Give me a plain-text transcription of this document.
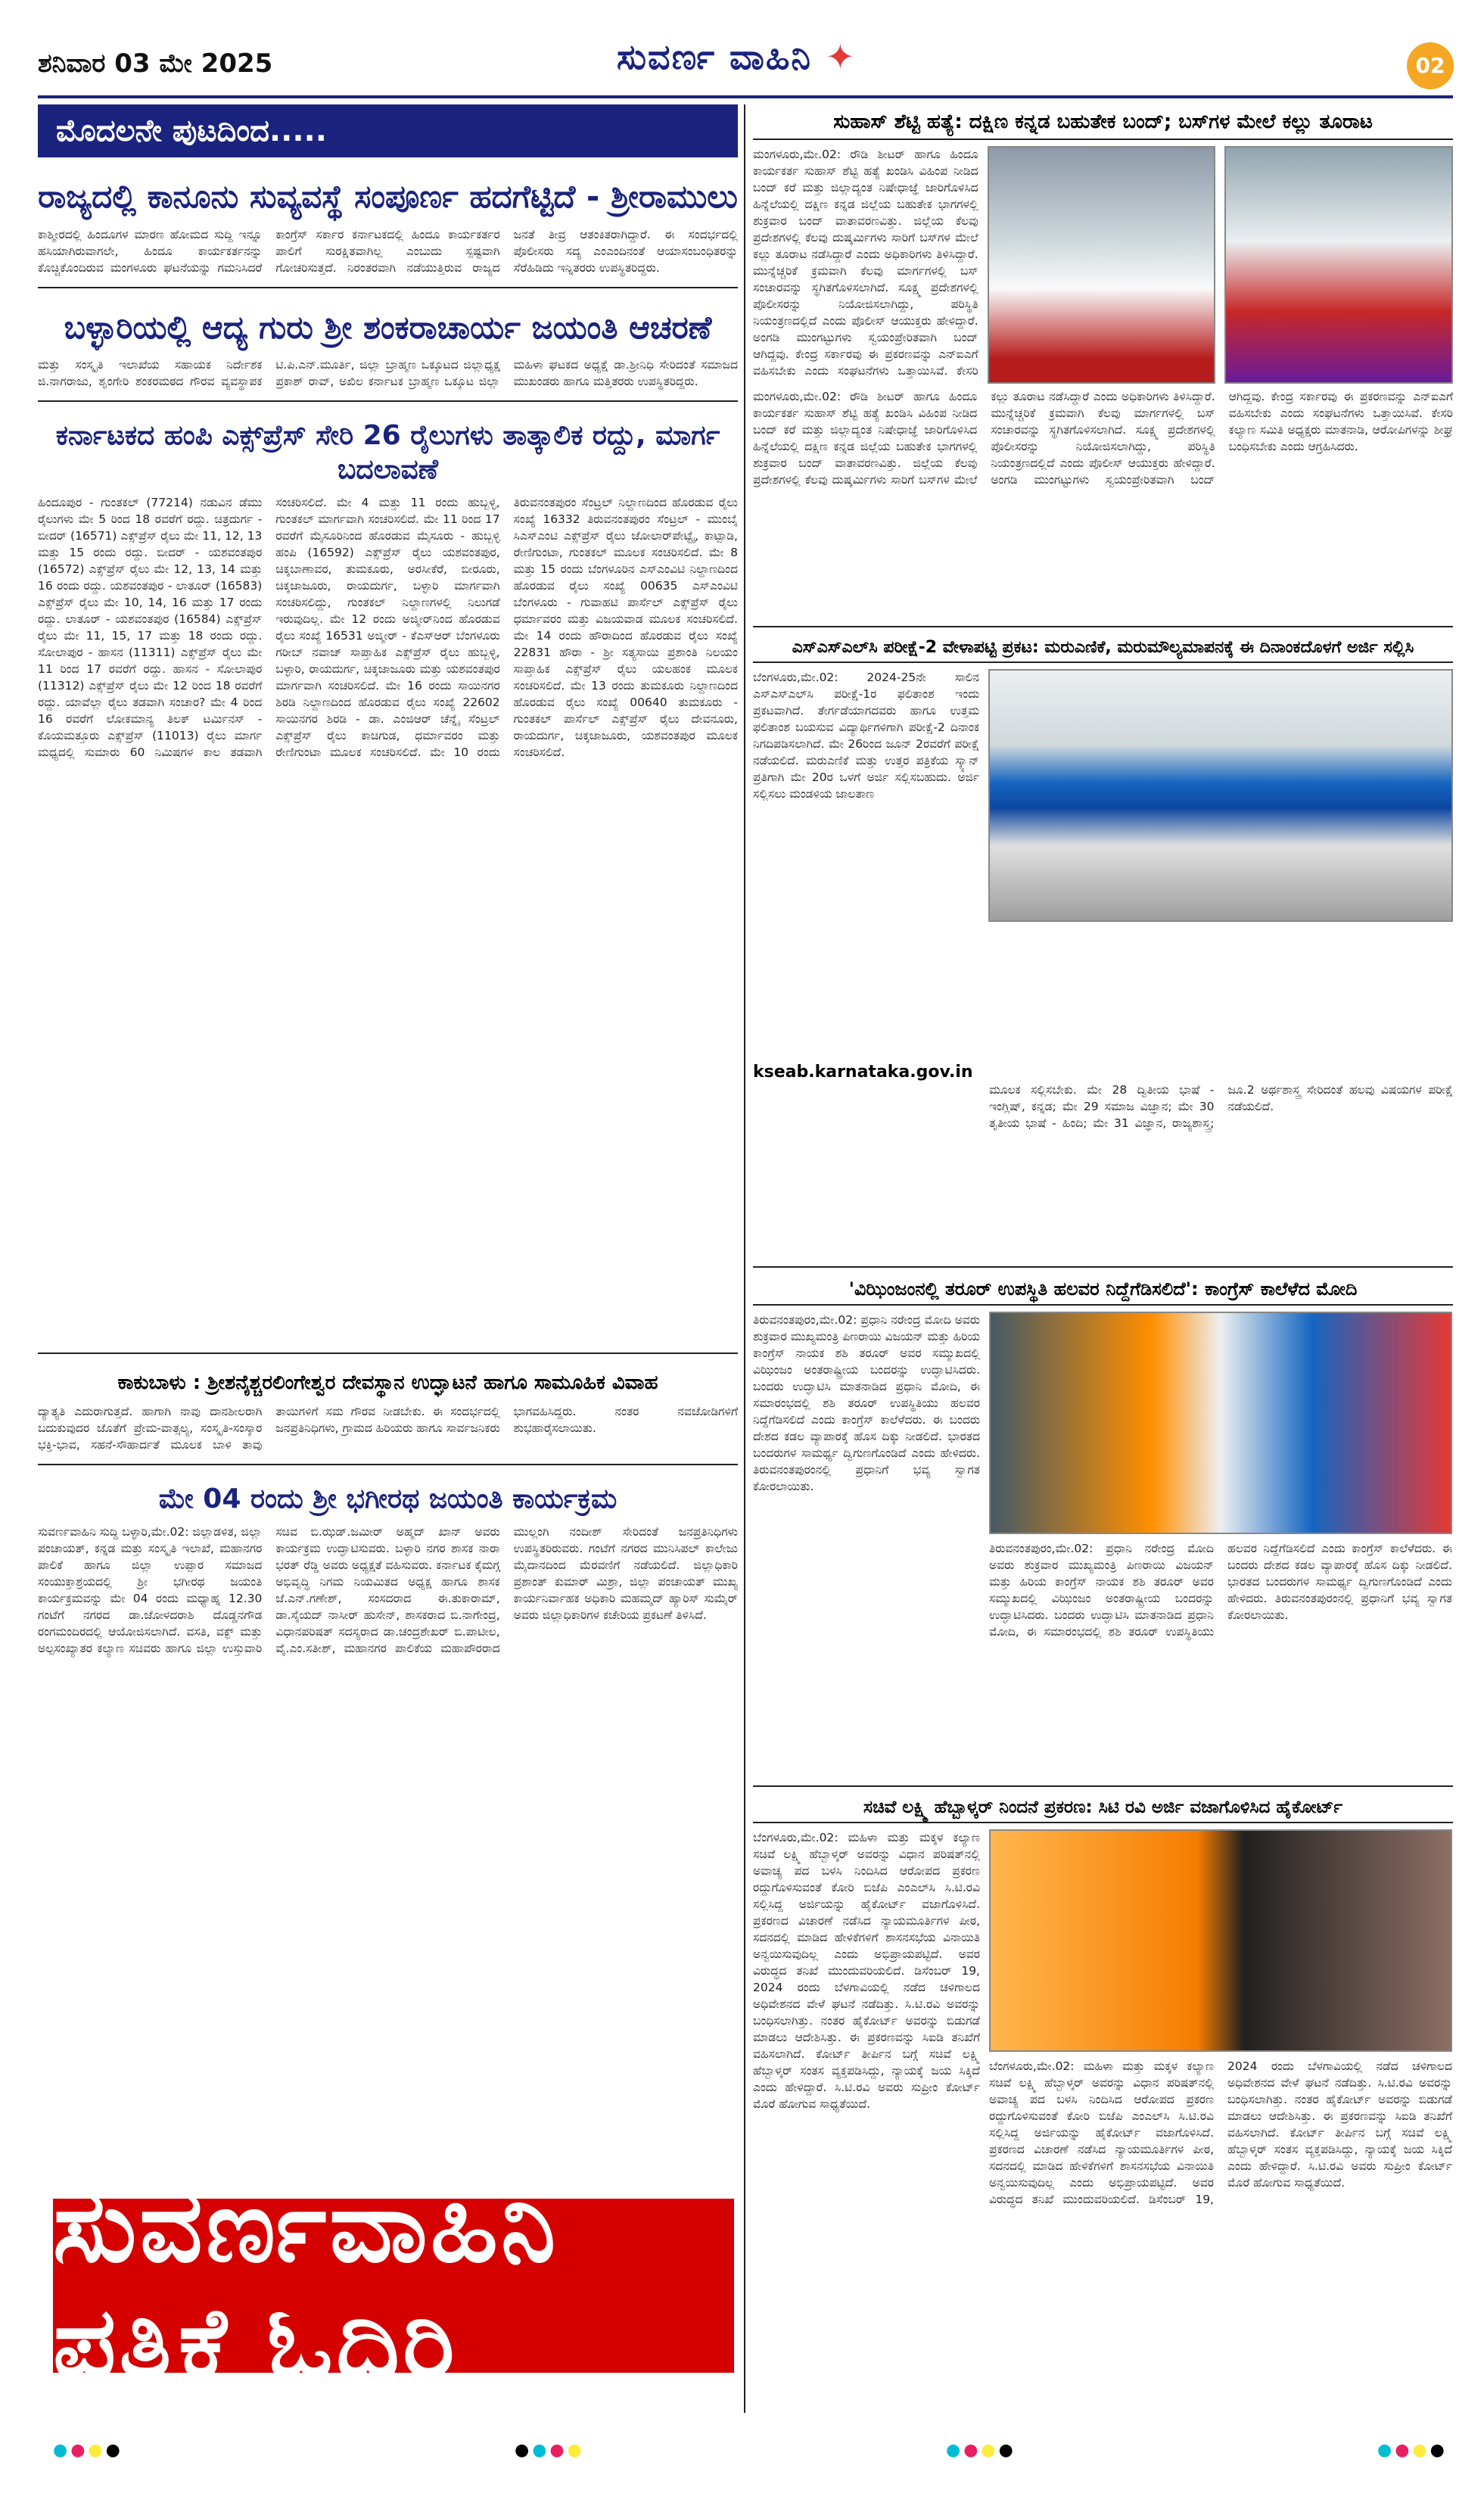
ಶನಿವಾರ 03 ಮೇ 2025	ಸುವರ್ಣ ವಾಹಿನಿ ✦	02
ಮೊದಲನೇ ಪುಟದಿಂದ.....
ರಾಜ್ಯದಲ್ಲಿ ಕಾನೂನು ಸುವ್ಯವಸ್ಥೆ ಸಂಪೂರ್ಣ ಹದಗೆಟ್ಟಿದೆ - ಶ್ರೀರಾಮುಲು
ಕಾಶ್ಮೀರದಲ್ಲಿ ಹಿಂದೂಗಳ ಮಾರಣ ಹೋಮದ ಸುದ್ದಿ ಇನ್ನೂ ಹಸಿಯಾಗಿರುವಾಗಲೇ, ಹಿಂದೂ ಕಾರ್ಯಕರ್ತನನ್ನು ಕೊಚ್ಚಿಕೊಂದಿರುವ ಮಂಗಳೂರು ಘಟನೆಯನ್ನು ಗಮನಿಸಿದರೆ ಕಾಂಗ್ರೆಸ್ ಸರ್ಕಾರ ಕರ್ನಾಟಕದಲ್ಲಿ ಹಿಂದೂ ಕಾರ್ಯಕರ್ತರ ಪಾಲಿಗೆ ಸುರಕ್ಷಿತವಾಗಿಲ್ಲ ಎಂಬುದು ಸ್ಪಷ್ಟವಾಗಿ ಗೋಚರಿಸುತ್ತದೆ. ನಿರಂತರವಾಗಿ ನಡೆಯುತ್ತಿರುವ ರಾಜ್ಯದ ಜನತೆ ತೀವ್ರ ಆತಂಕಿತರಾಗಿದ್ದಾರೆ. ಈ ಸಂದರ್ಭದಲ್ಲಿ ಪೊಲೀಸರು ಸದ್ಯ ಎಂಎಂದಿನಂತೆ ಆಯಾಸಂಬಂಧಿತರನ್ನು ಸೆರೆಹಿಡಿದು ಇನ್ನಿತರರು ಉಪಸ್ಥಿತರಿದ್ದರು.
ಬಳ್ಳಾರಿಯಲ್ಲಿ ಆದ್ಯ ಗುರು ಶ್ರೀ ಶಂಕರಾಚಾರ್ಯ ಜಯಂತಿ ಆಚರಣೆ
ಮತ್ತು ಸಂಸ್ಕೃತಿ ಇಲಾಖೆಯ ಸಹಾಯಕ ನಿರ್ದೇಶಕ ಜಿ.ನಾಗರಾಜು, ಶೃಂಗೇರಿ ಶಂಕರಮಠದ ಗೌರವ ವ್ಯವಸ್ಥಾಪಕ ಟಿ.ಪಿ.ಎನ್.ಮೂರ್ತಿ, ಜಿಲ್ಲಾ ಬ್ರಾಹ್ಮಣ ಒಕ್ಕೂಟದ ಜಿಲ್ಲಾಧ್ಯಕ್ಷ ಪ್ರಕಾಶ್ ರಾವ್, ಅಖಿಲ ಕರ್ನಾಟಕ ಬ್ರಾಹ್ಮಣ ಒಕ್ಕೂಟ ಜಿಲ್ಲಾ ಮಹಿಳಾ ಘಟಕದ ಅಧ್ಯಕ್ಷೆ ಡಾ.ಶ್ರೀನಿಧಿ ಸೇರಿದಂತೆ ಸಮಾಜದ ಮುಖಂಡರು ಹಾಗೂ ಮತ್ತಿತರರು ಉಪಸ್ಥಿತರಿದ್ದರು.
ಕರ್ನಾಟಕದ ಹಂಪಿ ಎಕ್ಸ್‌ಪ್ರೆಸ್ ಸೇರಿ 26 ರೈಲುಗಳು ತಾತ್ಕಾಲಿಕ ರದ್ದು, ಮಾರ್ಗ ಬದಲಾವಣೆ
ಹಿಂದೂಪುರ - ಗುಂತಕಲ್ (77214) ನಡುವಿನ ಡೆಮು ರೈಲುಗಳು ಮೇ 5 ರಿಂದ 18 ರವರೆಗೆ ರದ್ದು. ಚಿತ್ರದುರ್ಗ - ಬೀದರ್ (16571) ಎಕ್ಸ್‌ಪ್ರೆಸ್ ರೈಲು ಮೇ 11, 12, 13 ಮತ್ತು 15 ರಂದು ರದ್ದು. ಬೀದರ್ - ಯಶವಂತಪುರ (16572) ಎಕ್ಸ್‌ಪ್ರೆಸ್ ರೈಲು ಮೇ 12, 13, 14 ಮತ್ತು 16 ರಂದು ರದ್ದು. ಯಶವಂತಪುರ - ಲಾತೂರ್ (16583) ಎಕ್ಸ್‌ಪ್ರೆಸ್ ರೈಲು ಮೇ 10, 14, 16 ಮತ್ತು 17 ರಂದು ರದ್ದು. ಲಾತೂರ್ - ಯಶವಂತಪುರ (16584) ಎಕ್ಸ್‌ಪ್ರೆಸ್ ರೈಲು ಮೇ 11, 15, 17 ಮತ್ತು 18 ರಂದು ರದ್ದು. ಸೋಲಾಪುರ - ಹಾಸನ (11311) ಎಕ್ಸ್‌ಪ್ರೆಸ್ ರೈಲು ಮೇ 11 ರಿಂದ 17 ರವರೆಗೆ ರದ್ದು. ಹಾಸನ - ಸೋಲಾಪುರ (11312) ಎಕ್ಸ್‌ಪ್ರೆಸ್ ರೈಲು ಮೇ 12 ರಿಂದ 18 ರವರೆಗೆ ರದ್ದು. ಯಾವೆಲ್ಲಾ ರೈಲು ತಡವಾಗಿ ಸಂಚಾರ? ಮೇ 4 ರಿಂದ 16 ರವರೆಗೆ ಲೋಕಮಾನ್ಯ ತಿಲಕ್ ಟರ್ಮಿನಸ್ - ಕೊಯಮತ್ತೂರು ಎಕ್ಸ್‌ಪ್ರೆಸ್ (11013) ರೈಲು ಮಾರ್ಗ ಮಧ್ಯದಲ್ಲಿ ಸುಮಾರು 60 ನಿಮಿಷಗಳ ಕಾಲ ತಡವಾಗಿ ಸಂಚರಿಸಲಿದೆ. ಮೇ 4 ಮತ್ತು 11 ರಂದು ಹುಬ್ಬಳ್ಳಿ, ಗುಂತಕಲ್ ಮಾರ್ಗವಾಗಿ ಸಂಚರಿಸಲಿದೆ. ಮೇ 11 ರಿಂದ 17 ರವರೆಗೆ ಮೈಸೂರಿನಿಂದ ಹೊರಡುವ ಮೈಸೂರು - ಹುಬ್ಬಳ್ಳಿ ಹಂಪಿ (16592) ಎಕ್ಸ್‌ಪ್ರೆಸ್ ರೈಲು ಯಶವಂತಪುರ, ಚಿಕ್ಕಬಾಣಾವರ, ತುಮಕೂರು, ಅರಸೀಕೆರೆ, ಬೀರೂರು, ಚಿಕ್ಕಜಾಜೂರು, ರಾಯದುರ್ಗ, ಬಳ್ಳಾರಿ ಮಾರ್ಗವಾಗಿ ಸಂಚರಿಸಲಿದ್ದು, ಗುಂತಕಲ್ ನಿಲ್ದಾಣಗಳಲ್ಲಿ ನಿಲುಗಡೆ ಇರುವುದಿಲ್ಲ. ಮೇ 12 ರಂದು ಅಜ್ಮೀರ್‌ನಿಂದ ಹೊರಡುವ ರೈಲು ಸಂಖ್ಯೆ 16531 ಅಜ್ಮೀರ್ - ಕೆಎಸ್‌ಆರ್ ಬೆಂಗಳೂರು ಗರೀಬ್ ನವಾಜ್ ಸಾಪ್ತಾಹಿಕ ಎಕ್ಸ್‌ಪ್ರೆಸ್ ರೈಲು ಹುಬ್ಬಳ್ಳಿ, ಬಳ್ಳಾರಿ, ರಾಯದುರ್ಗ, ಚಿಕ್ಕಜಾಜೂರು ಮತ್ತು ಯಶವಂತಪುರ ಮಾರ್ಗವಾಗಿ ಸಂಚರಿಸಲಿದೆ. ಮೇ 16 ರಂದು ಸಾಯಿನಗರ ಶಿರಡಿ ನಿಲ್ದಾಣದಿಂದ ಹೊರಡುವ ರೈಲು ಸಂಖ್ಯೆ 22602 ಸಾಯಿನಗರ ಶಿರಡಿ - ಡಾ. ಎಂಜಿಆರ್ ಚೆನ್ನೈ ಸೆಂಟ್ರಲ್ ಎಕ್ಸ್‌ಪ್ರೆಸ್ ರೈಲು ಕಾಚಿಗುಡ, ಧರ್ಮಾವರಂ ಮತ್ತು ರೇಣಿಗುಂಟಾ ಮೂಲಕ ಸಂಚರಿಸಲಿದೆ. ಮೇ 10 ರಂದು ತಿರುವನಂತಪುರಂ ಸೆಂಟ್ರಲ್ ನಿಲ್ದಾಣದಿಂದ ಹೊರಡುವ ರೈಲು ಸಂಖ್ಯೆ 16332 ತಿರುವನಂತಪುರಂ ಸೆಂಟ್ರಲ್ - ಮುಂಬೈ ಸಿಎಸ್‌ಎಂಟಿ ಎಕ್ಸ್‌ಪ್ರೆಸ್ ರೈಲು ಜೋಲಾರ್‌ಪೇಟ್ಟೈ, ಕಾಟ್ಪಾಡಿ, ರೇಣಿಗುಂಟಾ, ಗುಂತಕಲ್ ಮೂಲಕ ಸಂಚರಿಸಲಿದೆ. ಮೇ 8 ಮತ್ತು 15 ರಂದು ಬೆಂಗಳೂರಿನ ಎಸ್ಎಂವಿಟಿ ನಿಲ್ದಾಣದಿಂದ ಹೊರಡುವ ರೈಲು ಸಂಖ್ಯೆ 00635 ಎಸ್ಎಂವಿಟಿ ಬೆಂಗಳೂರು - ಗುವಾಹಟಿ ಪಾರ್ಸೆಲ್ ಎಕ್ಸ್‌ಪ್ರೆಸ್ ರೈಲು ಧರ್ಮಾವರಂ ಮತ್ತು ವಿಜಯವಾಡ ಮೂಲಕ ಸಂಚರಿಸಲಿದೆ. ಮೇ 14 ರಂದು ಹೌರಾದಿಂದ ಹೊರಡುವ ರೈಲು ಸಂಖ್ಯೆ 22831 ಹೌರಾ - ಶ್ರೀ ಸತ್ಯಸಾಯಿ ಪ್ರಶಾಂತಿ ನಿಲಯಂ ಸಾಪ್ತಾಹಿಕ ಎಕ್ಸ್‌ಪ್ರೆಸ್ ರೈಲು ಯಲಹಂಕ ಮೂಲಕ ಸಂಚರಿಸಲಿದೆ. ಮೇ 13 ರಂದು ತುಮಕೂರು ನಿಲ್ದಾಣದಿಂದ ಹೊರಡುವ ರೈಲು ಸಂಖ್ಯೆ 00640 ತುಮಕೂರು - ಗುಂತಕಲ್ ಪಾರ್ಸೆಲ್ ಎಕ್ಸ್‌ಪ್ರೆಸ್ ರೈಲು ದೇವನೂರು, ರಾಯದುರ್ಗ, ಚಿಕ್ಕಜಾಜೂರು, ಯಶವಂತಪುರ ಮೂಲಕ ಸಂಚರಿಸಲಿದೆ.
ಕಾಕುಬಾಳು : ಶ್ರೀಶನೈಶ್ಚರಲಿಂಗೇಶ್ವರ ದೇವಸ್ಥಾನ ಉದ್ಘಾಟನೆ ಹಾಗೂ ಸಾಮೂಹಿಕ ವಿವಾಹ
ದ್ಯಾತ್ಯತಿ ಎದುರಾಗುತ್ತದೆ. ಹಾಗಾಗಿ ನಾವು ದಾನಶೀಲರಾಗಿ ಬದುಕುವುದರ ಜೊತೆಗೆ ಪ್ರೇಮ-ವಾತ್ಸಲ್ಯ, ಸಂಸ್ಕೃತಿ-ಸಂಸ್ಕಾರ ಭಕ್ತಿ-ಭಾವ, ಸಹನೆ-ಸೌಹಾರ್ದತೆ ಮೂಲಕ ಬಾಳಿ ತಾವು ತಾಯಿಗಳಿಗೆ ಸಮ ಗೌರವ ನೀಡಬೇಕು. ಈ ಸಂದರ್ಭದಲ್ಲಿ ಜನಪ್ರತಿನಿಧಿಗಳು, ಗ್ರಾಮದ ಹಿರಿಯರು ಹಾಗೂ ಸಾರ್ವಜನಿಕರು ಭಾಗವಹಿಸಿದ್ದರು. ನಂತರ ನವಜೋಡಿಗಳಿಗೆ ಶುಭಹಾರೈಸಲಾಯಿತು.
ಮೇ 04 ರಂದು ಶ್ರೀ ಭಗೀರಥ ಜಯಂತಿ ಕಾರ್ಯಕ್ರಮ
ಸುವರ್ಣವಾಹಿನಿ ಸುದ್ದಿ ಬಳ್ಳಾರಿ,ಮೇ.02: ಜಿಲ್ಲಾಡಳಿತ, ಜಿಲ್ಲಾ ಪಂಚಾಯತ್, ಕನ್ನಡ ಮತ್ತು ಸಂಸ್ಕೃತಿ ಇಲಾಖೆ, ಮಹಾನಗರ ಪಾಲಿಕೆ ಹಾಗೂ ಜಿಲ್ಲಾ ಉಪ್ಪಾರ ಸಮಾಜದ ಸಂಯುಕ್ತಾಶ್ರಯದಲ್ಲಿ ಶ್ರೀ ಭಗೀರಥ ಜಯಂತಿ ಕಾರ್ಯಕ್ರಮವನ್ನು ಮೇ 04 ರಂದು ಮಧ್ಯಾಹ್ನ 12.30 ಗಂಟೆಗೆ ನಗರದ ಡಾ.ಜೋಳದರಾಶಿ ದೊಡ್ಡನಗೌಡ ರಂಗಮಂದಿರದಲ್ಲಿ ಆಯೋಜಿಸಲಾಗಿದೆ. ವಸತಿ, ವಕ್ಫ್ ಮತ್ತು ಅಲ್ಪಸಂಖ್ಯಾತರ ಕಲ್ಯಾಣ ಸಚಿವರು ಹಾಗೂ ಜಿಲ್ಲಾ ಉಸ್ತುವಾರಿ ಸಚಿವ ಬಿ.ಝಡ್.ಜಮೀರ್ ಅಹ್ಮದ್ ಖಾನ್ ಅವರು ಕಾರ್ಯಕ್ರಮ ಉದ್ಘಾಟಿಸುವರು. ಬಳ್ಳಾರಿ ನಗರ ಶಾಸಕ ನಾರಾ ಭರತ್ ರೆಡ್ಡಿ ಅವರು ಅಧ್ಯಕ್ಷತೆ ವಹಿಸುವರು. ಕರ್ನಾಟಕ ಕೈಮಗ್ಗ ಅಭಿವೃದ್ಧಿ ನಿಗಮ ನಿಯಮಿತದ ಅಧ್ಯಕ್ಷ ಹಾಗೂ ಶಾಸಕ ಜೆ.ಎನ್.ಗಣೇಶ್, ಸಂಸದರಾದ ಈ.ತುಕಾರಾಮ್, ಡಾ.ಸೈಯದ್ ನಾಸೀರ್ ಹುಸೇನ್, ಶಾಸಕರಾದ ಬಿ.ನಾಗೇಂದ್ರ, ವಿಧಾನಪರಿಷತ್ ಸದಸ್ಯರಾದ ಡಾ.ಚಂದ್ರಶೇಖರ್ ಬಿ.ಪಾಟೀಲ, ವೈ.ಎಂ.ಸತೀಶ್, ಮಹಾನಗರ ಪಾಲಿಕೆಯ ಮಹಾಪೌರರಾದ ಮುಲ್ಲಂಗಿ ನಂದೀಶ್ ಸೇರಿದಂತೆ ಜನಪ್ರತಿನಿಧಿಗಳು ಉಪಸ್ಥಿತರಿರುವರು. ಗಂಟೆಗೆ ನಗರದ ಮುನಿಸಿಪಲ್ ಕಾಲೇಜು ಮೈದಾನದಿಂದ ಮೆರವಣಿಗೆ ನಡೆಯಲಿದೆ. ಜಿಲ್ಲಾಧಿಕಾರಿ ಪ್ರಶಾಂತ್ ಕುಮಾರ್ ಮಿಶ್ರಾ, ಜಿಲ್ಲಾ ಪಂಚಾಯತ್ ಮುಖ್ಯ ಕಾರ್ಯನಿರ್ವಾಹಕ ಅಧಿಕಾರಿ ಮಹಮ್ಮದ್ ಹ್ಯಾರಿಸ್ ಸುಮೈರ್ ಅವರು ಜಿಲ್ಲಾಧಿಕಾರಿಗಳ ಕಚೇರಿಯ ಪ್ರಕಟಣೆ ತಿಳಿಸಿದೆ.
ಸುವರ್ಣವಾಹಿನಿ ಪತ್ರಿಕೆ ಓದಿರಿ
ಸುಹಾಸ್ ಶೆಟ್ಟಿ ಹತ್ಯೆ: ದಕ್ಷಿಣ ಕನ್ನಡ ಬಹುತೇಕ ಬಂದ್; ಬಸ್‌ಗಳ ಮೇಲೆ ಕಲ್ಲು ತೂರಾಟ
ಮಂಗಳೂರು,ಮೇ.02: ರೌಡಿ ಶೀಟರ್ ಹಾಗೂ ಹಿಂದೂ ಕಾರ್ಯಕರ್ತ ಸುಹಾಸ್ ಶೆಟ್ಟಿ ಹತ್ಯೆ ಖಂಡಿಸಿ ವಿಹಿಂಪ ನೀಡಿದ ಬಂದ್ ಕರೆ ಮತ್ತು ಜಿಲ್ಲಾದ್ಯಂತ ನಿಷೇಧಾಜ್ಞೆ ಜಾರಿಗೊಳಿಸಿದ ಹಿನ್ನೆಲೆಯಲ್ಲಿ ದಕ್ಷಿಣ ಕನ್ನಡ ಜಿಲ್ಲೆಯ ಬಹುತೇಕ ಭಾಗಗಳಲ್ಲಿ ಶುಕ್ರವಾರ ಬಂದ್ ವಾತಾವರಣವಿತ್ತು. ಜಿಲ್ಲೆಯ ಕೆಲವು ಪ್ರದೇಶಗಳಲ್ಲಿ ಕೆಲವು ದುಷ್ಕರ್ಮಿಗಳು ಸಾರಿಗೆ ಬಸ್‌ಗಳ ಮೇಲೆ ಕಲ್ಲು ತೂರಾಟ ನಡೆಸಿದ್ದಾರೆ ಎಂದು ಅಧಿಕಾರಿಗಳು ತಿಳಿಸಿದ್ದಾರೆ. ಮುನ್ನೆಚ್ಚರಿಕೆ ಕ್ರಮವಾಗಿ ಕೆಲವು ಮಾರ್ಗಗಳಲ್ಲಿ ಬಸ್ ಸಂಚಾರವನ್ನು ಸ್ಥಗಿತಗೊಳಿಸಲಾಗಿದೆ. ಸೂಕ್ಷ್ಮ ಪ್ರದೇಶಗಳಲ್ಲಿ ಪೊಲೀಸರನ್ನು ನಿಯೋಜಿಸಲಾಗಿದ್ದು, ಪರಿಸ್ಥಿತಿ ನಿಯಂತ್ರಣದಲ್ಲಿದೆ ಎಂದು ಪೊಲೀಸ್ ಆಯುಕ್ತರು ಹೇಳಿದ್ದಾರೆ. ಅಂಗಡಿ ಮುಂಗಟ್ಟುಗಳು ಸ್ವಯಂಪ್ರೇರಿತವಾಗಿ ಬಂದ್ ಆಗಿದ್ದವು. ಕೇಂದ್ರ ಸರ್ಕಾರವು ಈ ಪ್ರಕರಣವನ್ನು ಎನ್‌ಐಎಗೆ ವಹಿಸಬೇಕು ಎಂದು ಸಂಘಟನೆಗಳು ಒತ್ತಾಯಿಸಿವೆ. ಕೇಸರಿ
ಮಂಗಳೂರು,ಮೇ.02: ರೌಡಿ ಶೀಟರ್ ಹಾಗೂ ಹಿಂದೂ ಕಾರ್ಯಕರ್ತ ಸುಹಾಸ್ ಶೆಟ್ಟಿ ಹತ್ಯೆ ಖಂಡಿಸಿ ವಿಹಿಂಪ ನೀಡಿದ ಬಂದ್ ಕರೆ ಮತ್ತು ಜಿಲ್ಲಾದ್ಯಂತ ನಿಷೇಧಾಜ್ಞೆ ಜಾರಿಗೊಳಿಸಿದ ಹಿನ್ನೆಲೆಯಲ್ಲಿ ದಕ್ಷಿಣ ಕನ್ನಡ ಜಿಲ್ಲೆಯ ಬಹುತೇಕ ಭಾಗಗಳಲ್ಲಿ ಶುಕ್ರವಾರ ಬಂದ್ ವಾತಾವರಣವಿತ್ತು. ಜಿಲ್ಲೆಯ ಕೆಲವು ಪ್ರದೇಶಗಳಲ್ಲಿ ಕೆಲವು ದುಷ್ಕರ್ಮಿಗಳು ಸಾರಿಗೆ ಬಸ್‌ಗಳ ಮೇಲೆ ಕಲ್ಲು ತೂರಾಟ ನಡೆಸಿದ್ದಾರೆ ಎಂದು ಅಧಿಕಾರಿಗಳು ತಿಳಿಸಿದ್ದಾರೆ. ಮುನ್ನೆಚ್ಚರಿಕೆ ಕ್ರಮವಾಗಿ ಕೆಲವು ಮಾರ್ಗಗಳಲ್ಲಿ ಬಸ್ ಸಂಚಾರವನ್ನು ಸ್ಥಗಿತಗೊಳಿಸಲಾಗಿದೆ. ಸೂಕ್ಷ್ಮ ಪ್ರದೇಶಗಳಲ್ಲಿ ಪೊಲೀಸರನ್ನು ನಿಯೋಜಿಸಲಾಗಿದ್ದು, ಪರಿಸ್ಥಿತಿ ನಿಯಂತ್ರಣದಲ್ಲಿದೆ ಎಂದು ಪೊಲೀಸ್ ಆಯುಕ್ತರು ಹೇಳಿದ್ದಾರೆ. ಅಂಗಡಿ ಮುಂಗಟ್ಟುಗಳು ಸ್ವಯಂಪ್ರೇರಿತವಾಗಿ ಬಂದ್ ಆಗಿದ್ದವು. ಕೇಂದ್ರ ಸರ್ಕಾರವು ಈ ಪ್ರಕರಣವನ್ನು ಎನ್‌ಐಎಗೆ ವಹಿಸಬೇಕು ಎಂದು ಸಂಘಟನೆಗಳು ಒತ್ತಾಯಿಸಿವೆ. ಕೇಸರಿ ಕಲ್ಯಾಣ ಸಮಿತಿ ಅಧ್ಯಕ್ಷರು ಮಾತನಾಡಿ, ಆರೋಪಿಗಳನ್ನು ಶೀಘ್ರ ಬಂಧಿಸಬೇಕು ಎಂದು ಆಗ್ರಹಿಸಿದರು.
ಎಸ್ಎಸ್ಎಲ್‌ಸಿ ಪರೀಕ್ಷೆ-2 ವೇಳಾಪಟ್ಟಿ ಪ್ರಕಟ: ಮರುಎಣಿಕೆ, ಮರುಮೌಲ್ಯಮಾಪನಕ್ಕೆ ಈ ದಿನಾಂಕದೊಳಗೆ ಅರ್ಜಿ ಸಲ್ಲಿಸಿ
ಬೆಂಗಳೂರು,ಮೇ.02: 2024-25ನೇ ಸಾಲಿನ ಎಸ್ಎಸ್ಎಲ್‌ಸಿ ಪರೀಕ್ಷೆ-1ರ ಫಲಿತಾಂಶ ಇಂದು ಪ್ರಕಟವಾಗಿದೆ. ತೇರ್ಗಡೆಯಾಗದವರು ಹಾಗೂ ಉತ್ತಮ ಫಲಿತಾಂಶ ಬಯಸುವ ವಿದ್ಯಾರ್ಥಿಗಳಿಗಾಗಿ ಪರೀಕ್ಷೆ-2 ದಿನಾಂಕ ನಿಗದಿಪಡಿಸಲಾಗಿದೆ. ಮೇ 26ರಿಂದ ಜೂನ್ 2ರವರೆಗೆ ಪರೀಕ್ಷೆ ನಡೆಯಲಿದೆ. ಮರುಎಣಿಕೆ ಮತ್ತು ಉತ್ತರ ಪತ್ರಿಕೆಯ ಸ್ಕ್ಯಾನ್ ಪ್ರತಿಗಾಗಿ ಮೇ 20ರ ಒಳಗೆ ಅರ್ಜಿ ಸಲ್ಲಿಸಬಹುದು. ಅರ್ಜಿ ಸಲ್ಲಿಸಲು ಮಂಡಳಿಯ ಜಾಲತಾಣ
kseab.karnataka.gov.in
ಮೂಲಕ ಸಲ್ಲಿಸಬೇಕು. ಮೇ 28 ದ್ವಿತೀಯ ಭಾಷೆ - ಇಂಗ್ಲಿಷ್, ಕನ್ನಡ; ಮೇ 29 ಸಮಾಜ ವಿಜ್ಞಾನ; ಮೇ 30 ತೃತೀಯ ಭಾಷೆ - ಹಿಂದಿ; ಮೇ 31 ವಿಜ್ಞಾನ, ರಾಜ್ಯಶಾಸ್ತ್ರ; ಜೂ.2 ಅರ್ಥಶಾಸ್ತ್ರ ಸೇರಿದಂತೆ ಹಲವು ವಿಷಯಗಳ ಪರೀಕ್ಷೆ ನಡೆಯಲಿದೆ.
'ವಿಝಿಂಜಂನಲ್ಲಿ ತರೂರ್ ಉಪಸ್ಥಿತಿ ಹಲವರ ನಿದ್ದೆಗೆಡಿಸಲಿದೆ': ಕಾಂಗ್ರೆಸ್ ಕಾಲೆಳೆದ ಮೋದಿ
ತಿರುವನಂತಪುರಂ,ಮೇ.02: ಪ್ರಧಾನಿ ನರೇಂದ್ರ ಮೋದಿ ಅವರು ಶುಕ್ರವಾರ ಮುಖ್ಯಮಂತ್ರಿ ಪಿಣರಾಯಿ ವಿಜಯನ್ ಮತ್ತು ಹಿರಿಯ ಕಾಂಗ್ರೆಸ್ ನಾಯಕ ಶಶಿ ತರೂರ್ ಅವರ ಸಮ್ಮುಖದಲ್ಲಿ ವಿಝಿಂಜಂ ಅಂತರಾಷ್ಟ್ರೀಯ ಬಂದರನ್ನು ಉದ್ಘಾಟಿಸಿದರು. ಬಂದರು ಉದ್ಘಾಟಿಸಿ ಮಾತನಾಡಿದ ಪ್ರಧಾನಿ ಮೋದಿ, ಈ ಸಮಾರಂಭದಲ್ಲಿ ಶಶಿ ತರೂರ್ ಉಪಸ್ಥಿತಿಯು ಹಲವರ ನಿದ್ದೆಗೆಡಿಸಲಿದೆ ಎಂದು ಕಾಂಗ್ರೆಸ್ ಕಾಲೆಳೆದರು. ಈ ಬಂದರು ದೇಶದ ಕಡಲ ವ್ಯಾಪಾರಕ್ಕೆ ಹೊಸ ದಿಕ್ಕು ನೀಡಲಿದೆ. ಭಾರತದ ಬಂದರುಗಳ ಸಾಮರ್ಥ್ಯ ದ್ವಿಗುಣಗೊಂಡಿದೆ ಎಂದು ಹೇಳಿದರು. ತಿರುವನಂತಪುರಂನಲ್ಲಿ ಪ್ರಧಾನಿಗೆ ಭವ್ಯ ಸ್ವಾಗತ ಕೋರಲಾಯಿತು.
ತಿರುವನಂತಪುರಂ,ಮೇ.02: ಪ್ರಧಾನಿ ನರೇಂದ್ರ ಮೋದಿ ಅವರು ಶುಕ್ರವಾರ ಮುಖ್ಯಮಂತ್ರಿ ಪಿಣರಾಯಿ ವಿಜಯನ್ ಮತ್ತು ಹಿರಿಯ ಕಾಂಗ್ರೆಸ್ ನಾಯಕ ಶಶಿ ತರೂರ್ ಅವರ ಸಮ್ಮುಖದಲ್ಲಿ ವಿಝಿಂಜಂ ಅಂತರಾಷ್ಟ್ರೀಯ ಬಂದರನ್ನು ಉದ್ಘಾಟಿಸಿದರು. ಬಂದರು ಉದ್ಘಾಟಿಸಿ ಮಾತನಾಡಿದ ಪ್ರಧಾನಿ ಮೋದಿ, ಈ ಸಮಾರಂಭದಲ್ಲಿ ಶಶಿ ತರೂರ್ ಉಪಸ್ಥಿತಿಯು ಹಲವರ ನಿದ್ದೆಗೆಡಿಸಲಿದೆ ಎಂದು ಕಾಂಗ್ರೆಸ್ ಕಾಲೆಳೆದರು. ಈ ಬಂದರು ದೇಶದ ಕಡಲ ವ್ಯಾಪಾರಕ್ಕೆ ಹೊಸ ದಿಕ್ಕು ನೀಡಲಿದೆ. ಭಾರತದ ಬಂದರುಗಳ ಸಾಮರ್ಥ್ಯ ದ್ವಿಗುಣಗೊಂಡಿದೆ ಎಂದು ಹೇಳಿದರು. ತಿರುವನಂತಪುರಂನಲ್ಲಿ ಪ್ರಧಾನಿಗೆ ಭವ್ಯ ಸ್ವಾಗತ ಕೋರಲಾಯಿತು.
ಸಚಿವೆ ಲಕ್ಷ್ಮಿ ಹೆಬ್ಬಾಳ್ಕರ್ ನಿಂದನೆ ಪ್ರಕರಣ: ಸಿಟಿ ರವಿ ಅರ್ಜಿ ವಜಾಗೊಳಿಸಿದ ಹೈಕೋರ್ಟ್
ಬೆಂಗಳೂರು,ಮೇ.02: ಮಹಿಳಾ ಮತ್ತು ಮಕ್ಕಳ ಕಲ್ಯಾಣ ಸಚಿವೆ ಲಕ್ಷ್ಮಿ ಹೆಬ್ಬಾಳ್ಕರ್ ಅವರನ್ನು ವಿಧಾನ ಪರಿಷತ್‌ನಲ್ಲಿ ಅವಾಚ್ಯ ಪದ ಬಳಸಿ ನಿಂದಿಸಿದ ಆರೋಪದ ಪ್ರಕರಣ ರದ್ದುಗೊಳಿಸುವಂತೆ ಕೋರಿ ಬಿಜೆಪಿ ಎಂಎಲ್‌ಸಿ ಸಿ.ಟಿ.ರವಿ ಸಲ್ಲಿಸಿದ್ದ ಅರ್ಜಿಯನ್ನು ಹೈಕೋರ್ಟ್ ವಜಾಗೊಳಿಸಿದೆ. ಪ್ರಕರಣದ ವಿಚಾರಣೆ ನಡೆಸಿದ ನ್ಯಾಯಮೂರ್ತಿಗಳ ಪೀಠ, ಸದನದಲ್ಲಿ ಮಾಡಿದ ಹೇಳಿಕೆಗಳಿಗೆ ಶಾಸನಸಭೆಯ ವಿನಾಯಿತಿ ಅನ್ವಯಿಸುವುದಿಲ್ಲ ಎಂದು ಅಭಿಪ್ರಾಯಪಟ್ಟಿದೆ. ಅವರ ವಿರುದ್ಧದ ತನಿಖೆ ಮುಂದುವರಿಯಲಿದೆ. ಡಿಸೆಂಬರ್ 19, 2024 ರಂದು ಬೆಳಗಾವಿಯಲ್ಲಿ ನಡೆದ ಚಳಿಗಾಲದ ಅಧಿವೇಶನದ ವೇಳೆ ಘಟನೆ ನಡೆದಿತ್ತು. ಸಿ.ಟಿ.ರವಿ ಅವರನ್ನು ಬಂಧಿಸಲಾಗಿತ್ತು. ನಂತರ ಹೈಕೋರ್ಟ್ ಅವರನ್ನು ಬಿಡುಗಡೆ ಮಾಡಲು ಆದೇಶಿಸಿತ್ತು. ಈ ಪ್ರಕರಣವನ್ನು ಸಿಐಡಿ ತನಿಖೆಗೆ ವಹಿಸಲಾಗಿದೆ. ಕೋರ್ಟ್ ತೀರ್ಪಿನ ಬಗ್ಗೆ ಸಚಿವೆ ಲಕ್ಷ್ಮಿ ಹೆಬ್ಬಾಳ್ಕರ್ ಸಂತಸ ವ್ಯಕ್ತಪಡಿಸಿದ್ದು, ನ್ಯಾಯಕ್ಕೆ ಜಯ ಸಿಕ್ಕಿದೆ ಎಂದು ಹೇಳಿದ್ದಾರೆ. ಸಿ.ಟಿ.ರವಿ ಅವರು ಸುಪ್ರೀಂ ಕೋರ್ಟ್ ಮೊರೆ ಹೋಗುವ ಸಾಧ್ಯತೆಯಿದೆ.
ಬೆಂಗಳೂರು,ಮೇ.02: ಮಹಿಳಾ ಮತ್ತು ಮಕ್ಕಳ ಕಲ್ಯಾಣ ಸಚಿವೆ ಲಕ್ಷ್ಮಿ ಹೆಬ್ಬಾಳ್ಕರ್ ಅವರನ್ನು ವಿಧಾನ ಪರಿಷತ್‌ನಲ್ಲಿ ಅವಾಚ್ಯ ಪದ ಬಳಸಿ ನಿಂದಿಸಿದ ಆರೋಪದ ಪ್ರಕರಣ ರದ್ದುಗೊಳಿಸುವಂತೆ ಕೋರಿ ಬಿಜೆಪಿ ಎಂಎಲ್‌ಸಿ ಸಿ.ಟಿ.ರವಿ ಸಲ್ಲಿಸಿದ್ದ ಅರ್ಜಿಯನ್ನು ಹೈಕೋರ್ಟ್ ವಜಾಗೊಳಿಸಿದೆ. ಪ್ರಕರಣದ ವಿಚಾರಣೆ ನಡೆಸಿದ ನ್ಯಾಯಮೂರ್ತಿಗಳ ಪೀಠ, ಸದನದಲ್ಲಿ ಮಾಡಿದ ಹೇಳಿಕೆಗಳಿಗೆ ಶಾಸನಸಭೆಯ ವಿನಾಯಿತಿ ಅನ್ವಯಿಸುವುದಿಲ್ಲ ಎಂದು ಅಭಿಪ್ರಾಯಪಟ್ಟಿದೆ. ಅವರ ವಿರುದ್ಧದ ತನಿಖೆ ಮುಂದುವರಿಯಲಿದೆ. ಡಿಸೆಂಬರ್ 19, 2024 ರಂದು ಬೆಳಗಾವಿಯಲ್ಲಿ ನಡೆದ ಚಳಿಗಾಲದ ಅಧಿವೇಶನದ ವೇಳೆ ಘಟನೆ ನಡೆದಿತ್ತು. ಸಿ.ಟಿ.ರವಿ ಅವರನ್ನು ಬಂಧಿಸಲಾಗಿತ್ತು. ನಂತರ ಹೈಕೋರ್ಟ್ ಅವರನ್ನು ಬಿಡುಗಡೆ ಮಾಡಲು ಆದೇಶಿಸಿತ್ತು. ಈ ಪ್ರಕರಣವನ್ನು ಸಿಐಡಿ ತನಿಖೆಗೆ ವಹಿಸಲಾಗಿದೆ. ಕೋರ್ಟ್ ತೀರ್ಪಿನ ಬಗ್ಗೆ ಸಚಿವೆ ಲಕ್ಷ್ಮಿ ಹೆಬ್ಬಾಳ್ಕರ್ ಸಂತಸ ವ್ಯಕ್ತಪಡಿಸಿದ್ದು, ನ್ಯಾಯಕ್ಕೆ ಜಯ ಸಿಕ್ಕಿದೆ ಎಂದು ಹೇಳಿದ್ದಾರೆ. ಸಿ.ಟಿ.ರವಿ ಅವರು ಸುಪ್ರೀಂ ಕೋರ್ಟ್ ಮೊರೆ ಹೋಗುವ ಸಾಧ್ಯತೆಯಿದೆ.
●●●●	●●●●	●●●●	●●●●
